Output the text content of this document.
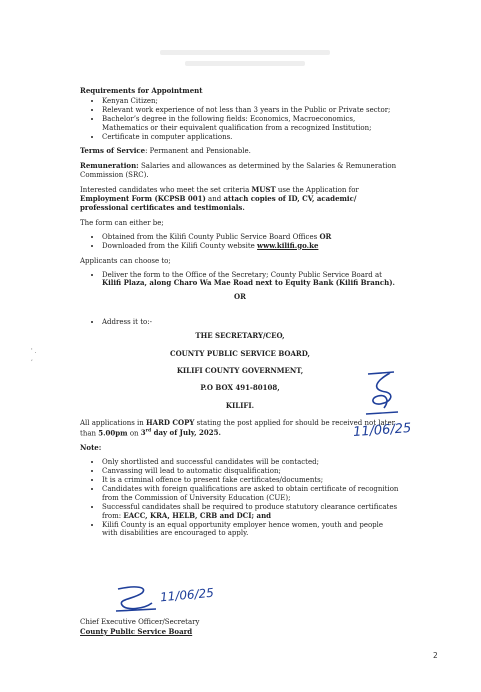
Requirements for Appointment

• Kenyan Citizen;
• Relevant work experience of not less than 3 years in the Public or Private sector;
• Bachelor’s degree in the following fields: Economics, Macroeconomics, Mathematics or their equivalent qualification from a recognized Institution;
• Certificate in computer applications.

Terms of Service: Permanent and Pensionable.

Remuneration: Salaries and allowances as determined by the Salaries & Remuneration Commission (SRC).

Interested candidates who meet the set criteria MUST use the Application for Employment Form (KCPSB 001) and attach copies of ID, CV, academic/ professional certificates and testimonials.

The form can either be;

• Obtained from the Kilifi County Public Service Board Offices OR
• Downloaded from the Kilifi County website www.kilifi.go.ke

Applicants can choose to;

• Deliver the form to the Office of the Secretary; County Public Service Board at Kilifi Plaza, along Charo Wa Mae Road next to Equity Bank (Kilifi Branch).

OR

• Address it to:-
THE SECRETARY/CEO,
COUNTY PUBLIC SERVICE BOARD,
KILIFI COUNTY GOVERNMENT,
P.O BOX 491-80108,
KILIFI.

All applications in HARD COPY stating the post applied for should be received not later than 5.00pm on 3rd day of July, 2025.

Note:

• Only shortlisted and successful candidates will be contacted;
• Canvassing will lead to automatic disqualification;
• It is a criminal offence to present fake certificates/documents;
• Candidates with foreign qualifications are asked to obtain certificate of recognition from the Commission of University Education (CUE);
• Successful candidates shall be required to produce statutory clearance certificates from: EACC, KRA, HELB, CRB and DCI; and
• Kilifi County is an equal opportunity employer hence women, youth and people with disabilities are encouraged to apply.
11/06/25
11/06/25
Chief Executive Officer/Secretary
County Public Service Board
' .
,
2
